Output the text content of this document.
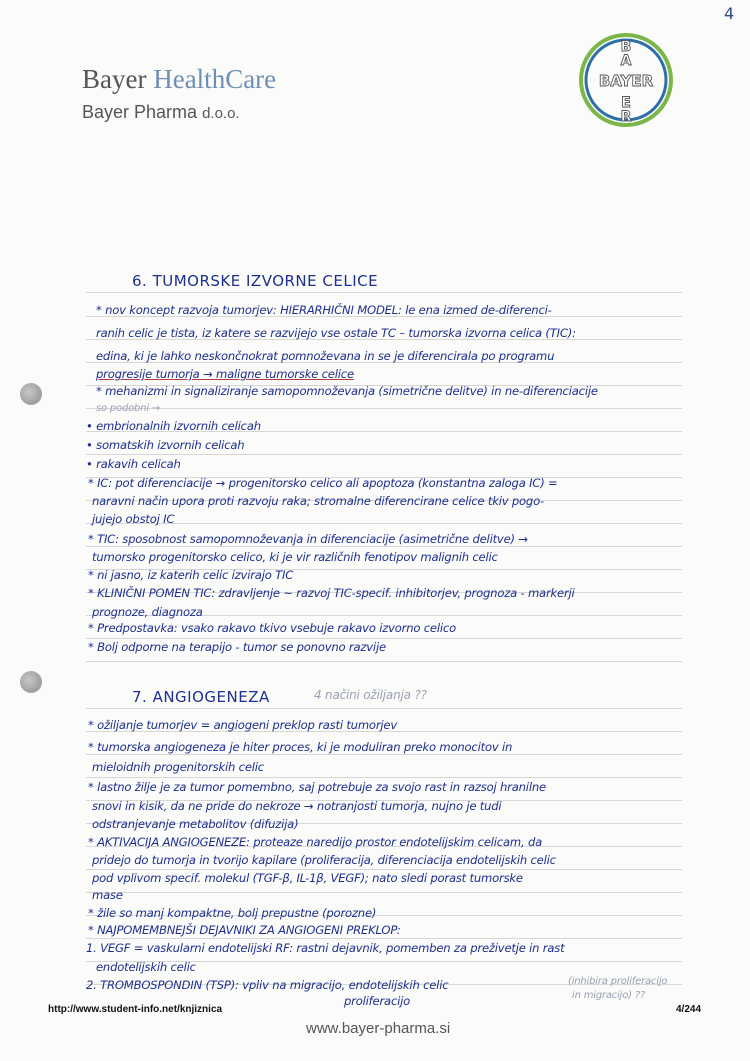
4
Bayer HealthCare
Bayer Pharma d.o.o.
B
A
E
R
BAYER
6. TUMORSKE IZVORNE CELICE
* nov koncept razvoja tumorjev: HIERARHIČNI MODEL: le ena izmed de-diferenci-
ranih celic je tista, iz katere se razvijejo vse ostale TC – tumorska izvorna celica (TIC):
edina, ki je lahko neskončnokrat pomnoževana in se je diferencirala po programu
progresije tumorja → maligne tumorske celice
* mehanizmi in signaliziranje samopomnoževanja (simetrične delitve) in ne-diferenciacije
so podobni →
• embrionalnih izvornih celicah
• somatskih izvornih celicah
• rakavih celicah
* IC: pot diferenciacije → progenitorsko celico ali apoptoza (konstantna zaloga IC) =
naravni način upora proti razvoju raka; stromalne diferencirane celice tkiv pogo-
jujejo obstoj IC
* TIC: sposobnost samopomnoževanja in diferenciacije (asimetrične delitve) →
tumorsko progenitorsko celico, ki je vir različnih fenotipov malignih celic
* ni jasno, iz katerih celic izvirajo TIC
* KLINIČNI POMEN TIC: zdravljenje ~ razvoj TIC-specif. inhibitorjev, prognoza - markerji
prognoze, diagnoza
* Predpostavka: vsako rakavo tkivo vsebuje rakavo izvorno celico
* Bolj odporne na terapijo - tumor se ponovno razvije
7. ANGIOGENEZA	4 načini ožiljanja ??
* ožiljanje tumorjev = angiogeni preklop rasti tumorjev
* tumorska angiogeneza je hiter proces, ki je moduliran preko monocitov in
mieloidnih progenitorskih celic
* lastno žilje je za tumor pomembno, saj potrebuje za svojo rast in razsoj hranilne
snovi in kisik, da ne pride do nekroze → notranjosti tumorja, nujno je tudi
odstranjevanje metabolitov (difuzija)
* AKTIVACIJA ANGIOGENEZE: proteaze naredijo prostor endotelijskim celicam, da
pridejo do tumorja in tvorijo kapilare (proliferacija, diferenciacija endotelijskih celic
pod vplivom specif. molekul (TGF-β, IL-1β, VEGF); nato sledi porast tumorske
mase
* žile so manj kompaktne, bolj prepustne (porozne)
* NAJPOMEMBNEJŠI DEJAVNIKI ZA ANGIOGENI PREKLOP:
1. VEGF = vaskularni endotelijski RF: rastni dejavnik, pomemben za preživetje in rast
endotelijskih celic
2. TROMBOSPONDIN (TSP): vpliv na migracijo, endotelijskih celic
proliferacijo
(inhibira proliferacijo
in migracijo) ??
http://www.student-info.net/knjiznica	4/244
www.bayer-pharma.si
